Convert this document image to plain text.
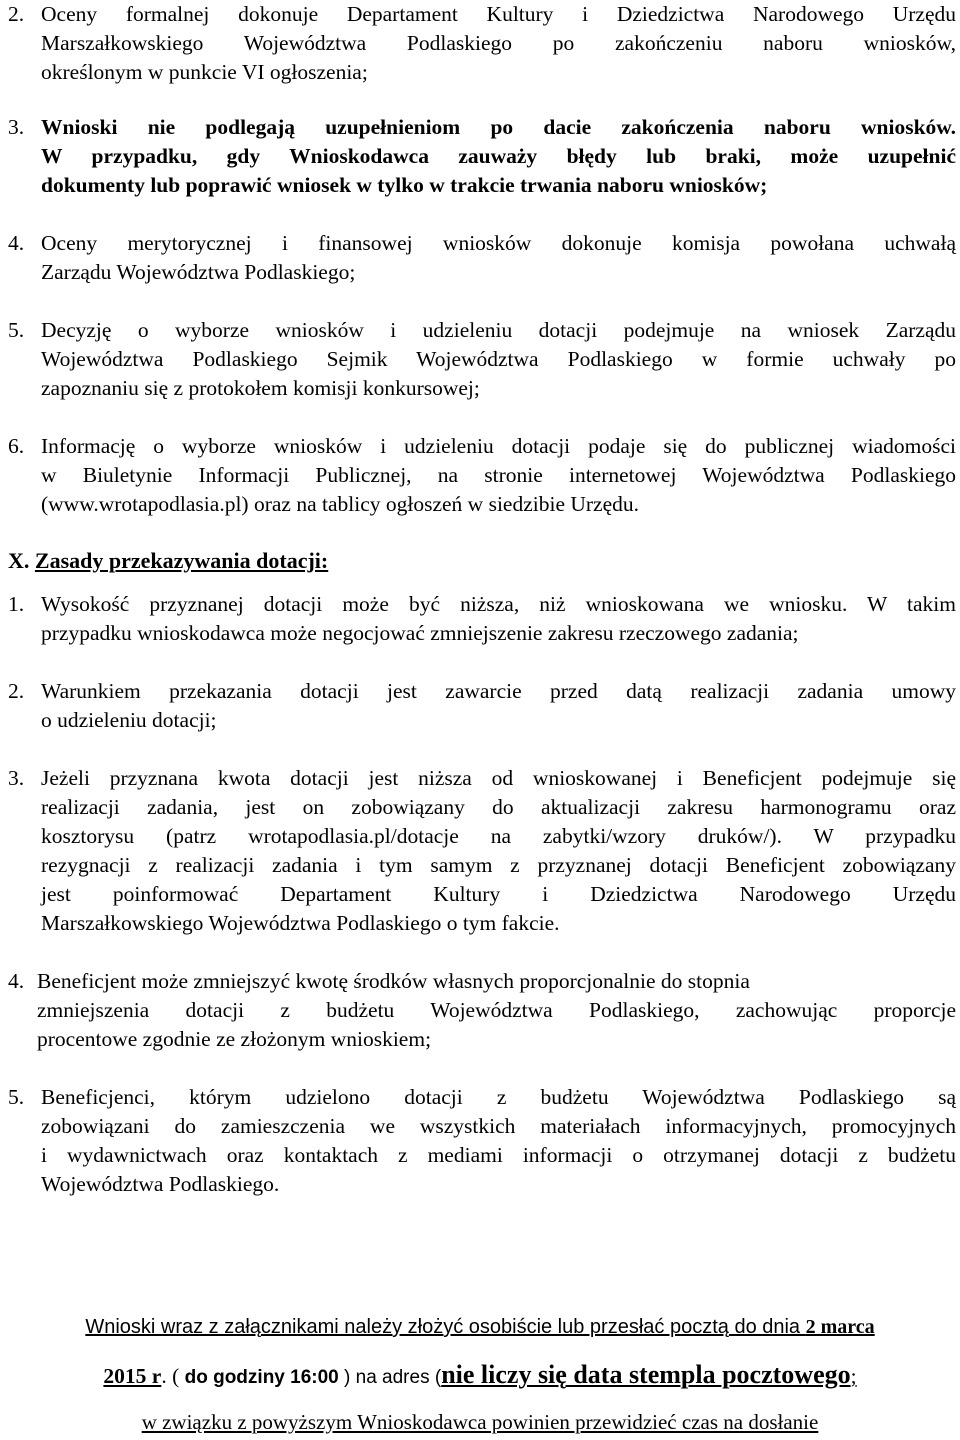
2. Oceny formalnej dokonuje Departament Kultury i Dziedzictwa Narodowego Urzędu

Marszałkowskiego Województwa Podlaskiego po zakończeniu naboru wniosków,

określonym w punkcie VI ogłoszenia;

3. Wnioski nie podlegają uzupełnieniom po dacie zakończenia naboru wniosków.

W przypadku, gdy Wnioskodawca zauważy błędy lub braki, może uzupełnić

dokumenty lub poprawić wniosek w tylko w trakcie trwania naboru wniosków;

4. Oceny merytorycznej i finansowej wniosków dokonuje komisja powołana uchwałą

Zarządu Województwa Podlaskiego;

5. Decyzję o wyborze wniosków i udzieleniu dotacji podejmuje na wniosek Zarządu

Województwa Podlaskiego Sejmik Województwa Podlaskiego w formie uchwały po

zapoznaniu się z protokołem komisji konkursowej;

6. Informację o wyborze wniosków i udzieleniu dotacji podaje się do publicznej wiadomości

w Biuletynie Informacji Publicznej, na stronie internetowej Województwa Podlaskiego

(www.wrotapodlasia.pl) oraz na tablicy ogłoszeń w siedzibie Urzędu.

X. Zasady przekazywania dotacji:
1. Wysokość przyznanej dotacji może być niższa, niż wnioskowana we wniosku. W takim

przypadku wnioskodawca może negocjować zmniejszenie zakresu rzeczowego zadania;

2. Warunkiem przekazania dotacji jest zawarcie przed datą realizacji zadania umowy

o udzieleniu dotacji;

3. Jeżeli przyznana kwota dotacji jest niższa od wnioskowanej i Beneficjent podejmuje się

realizacji zadania, jest on zobowiązany do aktualizacji zakresu harmonogramu oraz

kosztorysu (patrz wrotapodlasia.pl/dotacje na zabytki/wzory druków/). W przypadku

rezygnacji z realizacji zadania i tym samym z przyznanej dotacji Beneficjent zobowiązany

jest poinformować Departament Kultury i Dziedzictwa Narodowego Urzędu

Marszałkowskiego Województwa Podlaskiego o tym fakcie.

4. Beneficjent może zmniejszyć kwotę środków własnych proporcjonalnie do stopnia

zmniejszenia dotacji z budżetu Województwa Podlaskiego, zachowując proporcje

procentowe zgodnie ze złożonym wnioskiem;

5. Beneficjenci, którym udzielono dotacji z budżetu Województwa Podlaskiego są

zobowiązani do zamieszczenia we wszystkich materiałach informacyjnych, promocyjnych

i wydawnictwach oraz kontaktach z mediami informacji o otrzymanej dotacji z budżetu

Województwa Podlaskiego.

Wnioski wraz z załącznikami należy złożyć osobiście lub przesłać pocztą do dnia 2 marca
2015 r. ( do godziny 16:00 ) na adres (nie liczy się data stempla pocztowego;
w związku z powyższym Wnioskodawca powinien przewidzieć czas na dosłanie
